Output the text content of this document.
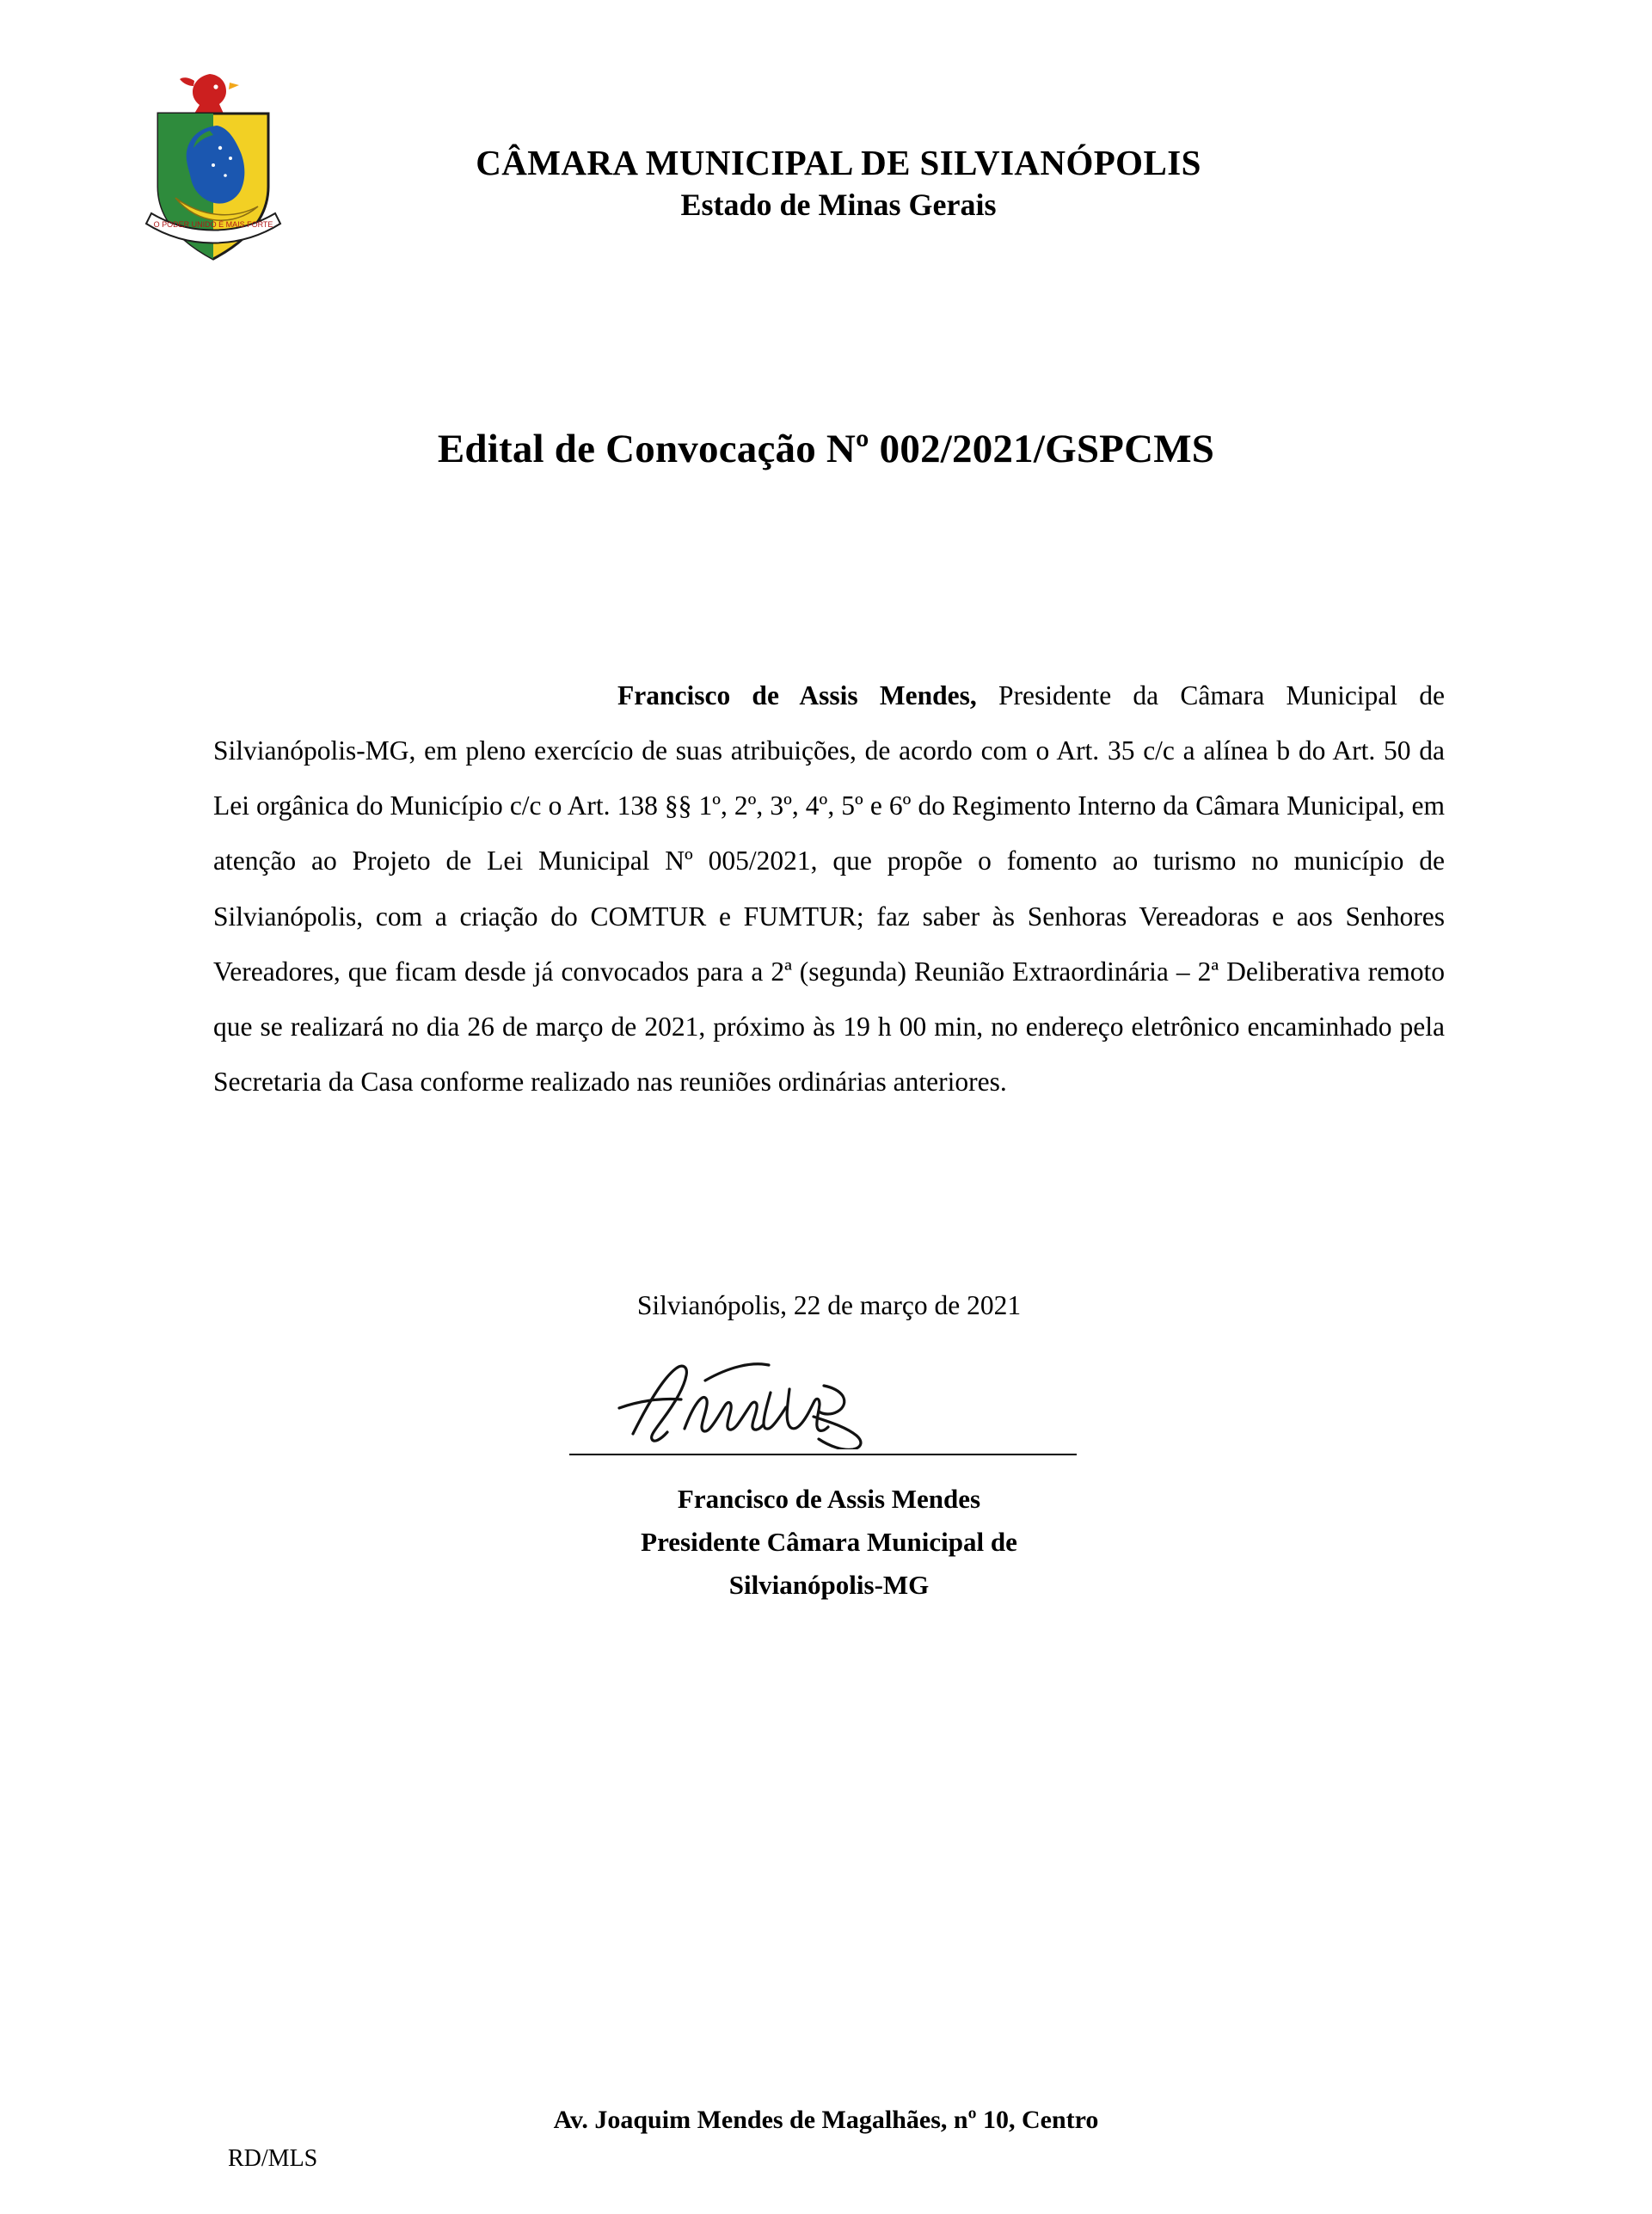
O PODER UNIDO É MAIS FORTE
CÂMARA MUNICIPAL DE SILVIANÓPOLIS
Estado de Minas Gerais
Edital de Convocação Nº 002/2021/GSPCMS

Francisco de Assis Mendes, Presidente da Câmara Municipal de Silvianópolis-MG, em pleno exercício de suas atribuições, de acordo com o Art. 35 c/c a alínea b do Art. 50 da Lei orgânica do Município c/c o Art. 138 §§ 1º, 2º, 3º, 4º, 5º e 6º do Regimento Interno da Câmara Municipal, em atenção ao Projeto de Lei Municipal Nº 005/2021, que propõe o fomento ao turismo no município de Silvianópolis, com a criação do COMTUR e FUMTUR; faz saber às Senhoras Vereadoras e aos Senhores Vereadores, que ficam desde já convocados para a 2ª (segunda) Reunião Extraordinária – 2ª Deliberativa remoto que se realizará no dia 26 de março de 2021, próximo às 19 h 00 min, no endereço eletrônico encaminhado pela Secretaria da Casa conforme realizado nas reuniões ordinárias anteriores.

Silvianópolis, 22 de março de 2021
Francisco de Assis Mendes
Presidente Câmara Municipal de
Silvianópolis-MG
Av. Joaquim Mendes de Magalhães, nº 10, Centro
RD/MLS
